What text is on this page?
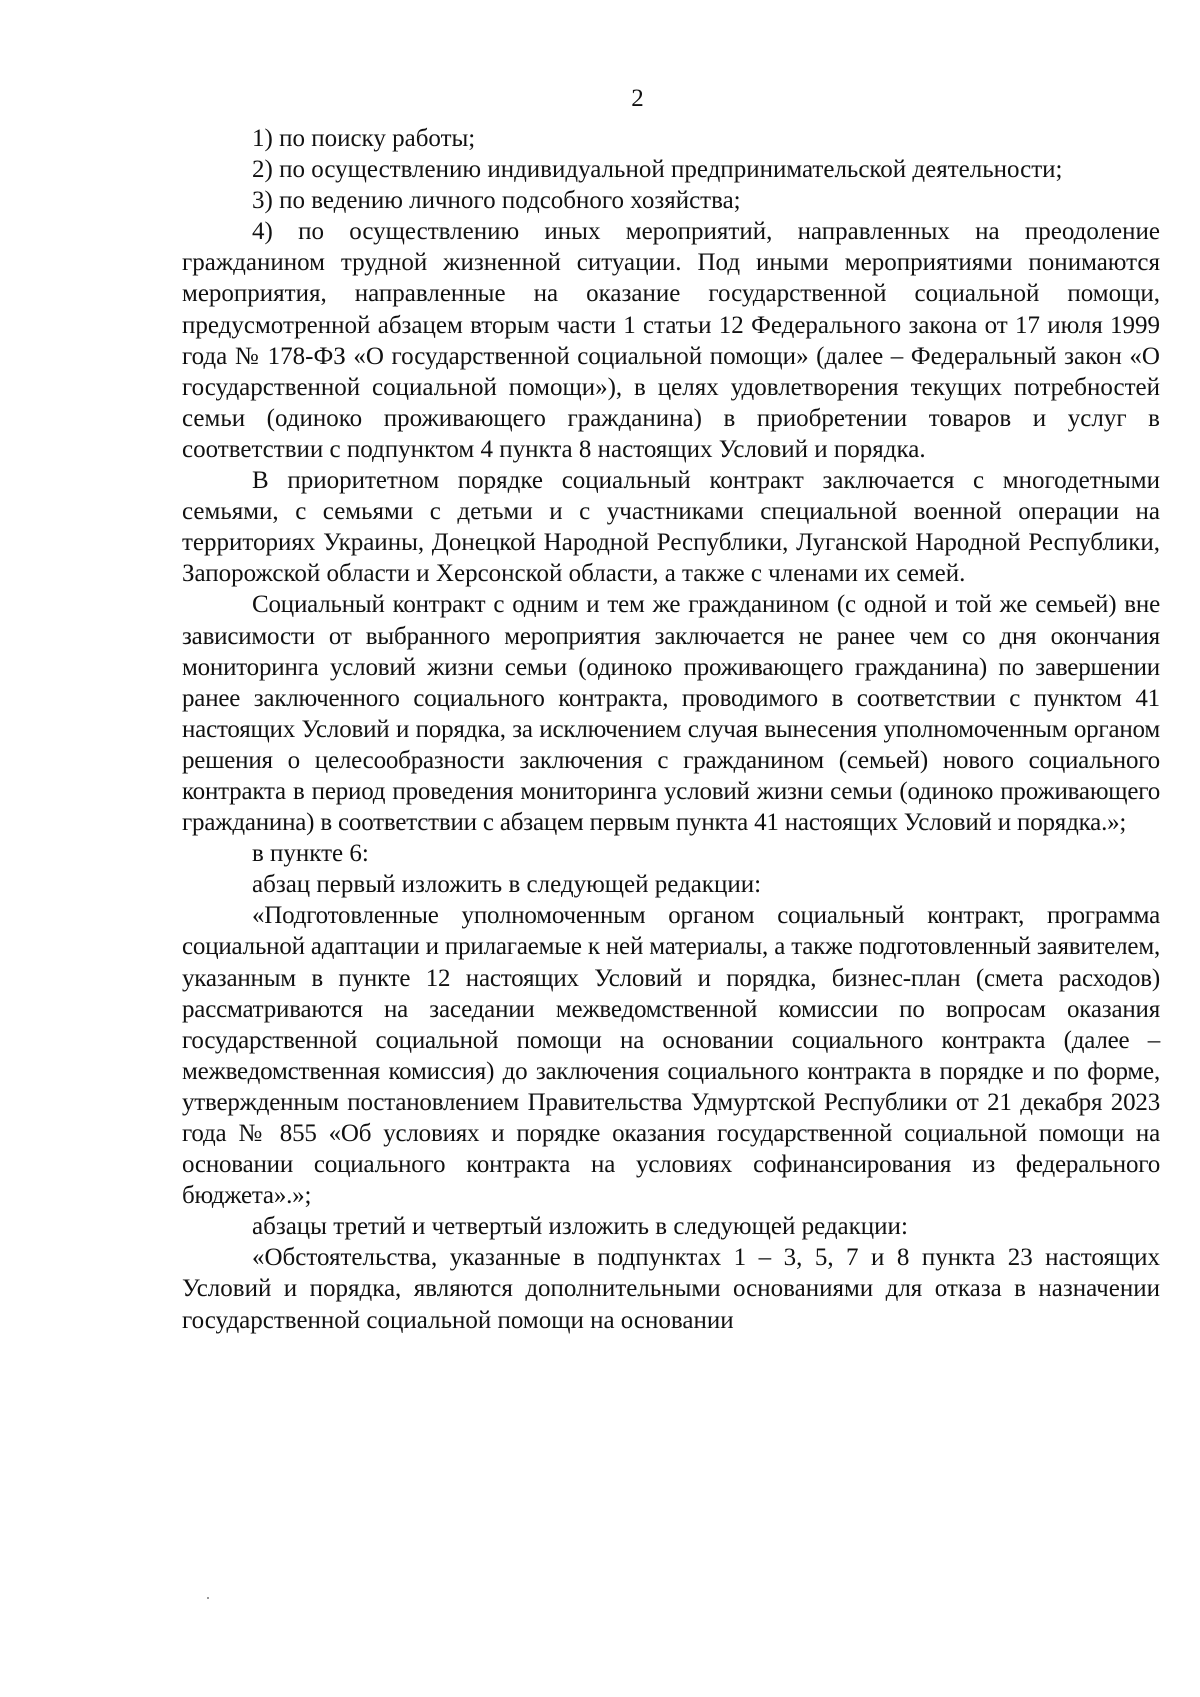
2

1) по поиску работы;

2) по осуществлению индивидуальной предпринимательской деятельности;

3) по ведению личного подсобного хозяйства;

4) по осуществлению иных мероприятий, направленных на преодоление гражданином трудной жизненной ситуации. Под иными мероприятиями понимаются мероприятия, направленные на оказание государственной социальной помощи, предусмотренной абзацем вторым части 1 статьи 12 Федерального закона от 17 июля 1999 года № 178-ФЗ «О государственной социальной помощи» (далее – Федеральный закон «О государственной социальной помощи»), в целях удовлетворения текущих потребностей семьи (одиноко проживающего гражданина) в приобретении товаров и услуг в соответствии с подпунктом 4 пункта 8 настоящих Условий и порядка.

В приоритетном порядке социальный контракт заключается с многодетными семьями, с семьями с детьми и с участниками специальной военной операции на территориях Украины, Донецкой Народной Республики, Луганской Народной Республики, Запорожской области и Херсонской области, а также с членами их семей.

Социальный контракт с одним и тем же гражданином (с одной и той же семьей) вне зависимости от выбранного мероприятия заключается не ранее чем со дня окончания мониторинга условий жизни семьи (одиноко проживающего гражданина) по завершении ранее заключенного социального контракта, проводимого в соответствии с пунктом 41 настоящих Условий и порядка, за исключением случая вынесения уполномоченным органом решения о целесообразности заключения с гражданином (семьей) нового социального контракта в период проведения мониторинга условий жизни семьи (одиноко проживающего гражданина) в соответствии с абзацем первым пункта 41 настоящих Условий и порядка.»;

в пункте 6:

абзац первый изложить в следующей редакции:

«Подготовленные уполномоченным органом социальный контракт, программа социальной адаптации и прилагаемые к ней материалы, а также подготовленный заявителем, указанным в пункте 12 настоящих Условий и порядка, бизнес-план (смета расходов) рассматриваются на заседании межведомственной комиссии по вопросам оказания государственной социальной помощи на основании социального контракта (далее – межведомственная комиссия) до заключения социального контракта в порядке и по форме, утвержденным постановлением Правительства Удмуртской Республики от 21 декабря 2023 года № 855 «Об условиях и порядке оказания государственной социальной помощи на основании социального контракта на условиях софинансирования из федерального бюджета».»;

абзацы третий и четвертый изложить в следующей редакции:

«Обстоятельства, указанные в подпунктах 1 – 3, 5, 7 и 8 пункта 23 настоящих Условий и порядка, являются дополнительными основаниями для отказа в назначении государственной социальной помощи на основании
